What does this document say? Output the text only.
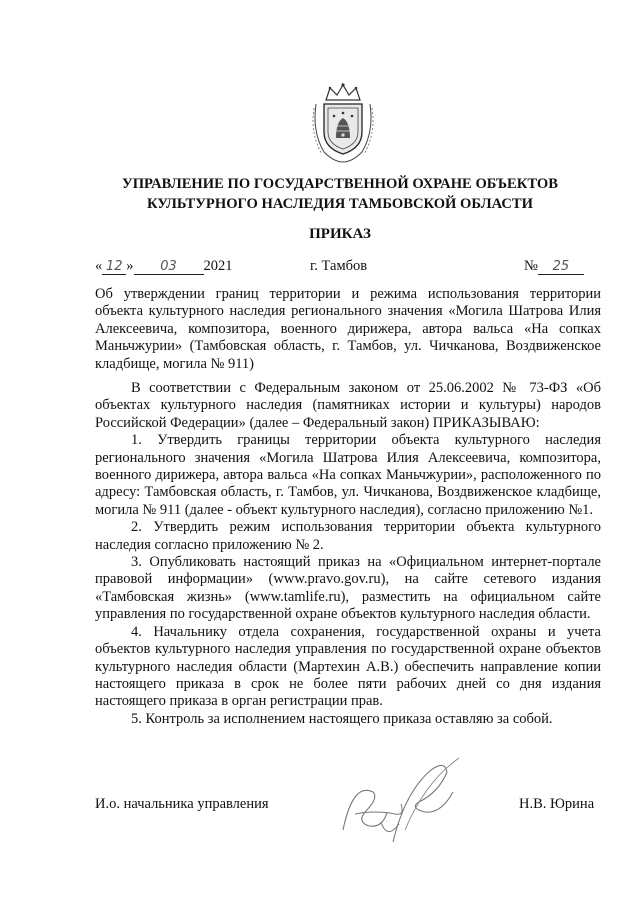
УПРАВЛЕНИЕ ПО ГОСУДАРСТВЕННОЙ ОХРАНЕ ОБЪЕКТОВ
КУЛЬТУРНОГО НАСЛЕДИЯ ТАМБОВСКОЙ ОБЛАСТИ
ПРИКАЗ
« 12 » 03 2021	г. Тамбов	№ 25
Об утверждении границ территории и режима использования территории объекта культурного наследия регионального значения «Могила Шатрова Илия Алексеевича, композитора, военного дирижера, автора вальса «На сопках Маньчжурии» (Тамбовская область, г. Тамбов, ул. Чичканова, Воздвиженское кладбище, могила № 911)

В соответствии с Федеральным законом от 25.06.2002 № 73-ФЗ «Об объектах культурного наследия (памятниках истории и культуры) народов Российской Федерации» (далее – Федеральный закон) ПРИКАЗЫВАЮ:

1. Утвердить границы территории объекта культурного наследия регионального значения «Могила Шатрова Илия Алексеевича, композитора, военного дирижера, автора вальса «На сопках Маньчжурии», расположенного по адресу: Тамбовская область, г. Тамбов, ул. Чичканова, Воздвиженское кладбище, могила № 911 (далее - объект культурного наследия), согласно приложению №1.

2. Утвердить режим использования территории объекта культурного наследия согласно приложению № 2.

3. Опубликовать настоящий приказ на «Официальном интернет-портале правовой информации» (www.pravo.gov.ru), на сайте сетевого издания «Тамбовская жизнь» (www.tamlife.ru), разместить на официальном сайте управления по государственной охране объектов культурного наследия области.

4. Начальнику отдела сохранения, государственной охраны и учета объектов культурного наследия управления по государственной охране объектов культурного наследия области (Мартехин А.В.) обеспечить направление копии настоящего приказа в срок не более пяти рабочих дней со дня издания настоящего приказа в орган регистрации прав.

5. Контроль за исполнением настоящего приказа оставляю за собой.

И.о. начальника управления	Н.В. Юрина
